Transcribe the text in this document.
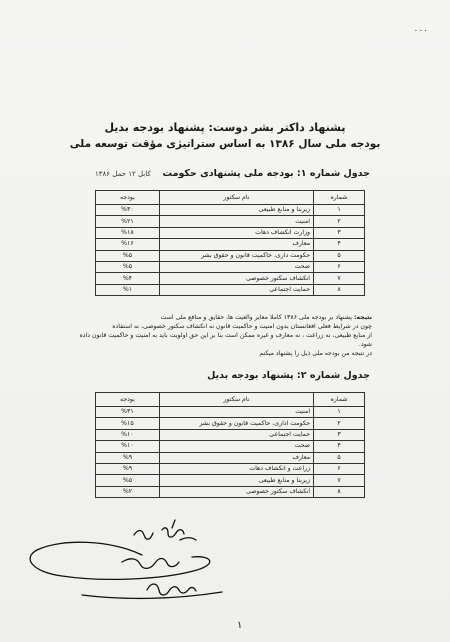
٠٠٠
پشنهاد داکتر بشر دوست: پشنهاد بودجه بدیل
بودجه ملی سال ۱۳۸۶ به اساس ستراتیژی مؤقت توسعه ملی
جدول شماره ۱: بودجه ملی پشنهادی حکومت
کابل ۱۲ حمل ۱۳۸۶
شماره	نام سکتور	بودجه
۱	زیربنا و منابع طبیعی	%۳۰
۲	امنیت	%۲۱
۳	وزارت انکشاف دهات	%۱۸
۴	معارف	%۱۶
۵	حکومت داری، حاکمیت قانون و حقوق بشر	%۵
۶	صحت	%۵
۷	انکشاف سکتور خصوصی	%۴
۸	حمایت اجتماعی	%۱
نتیجه: پشنهاد بر بودجه ملی ۱۳۸۶ کاملا معایر والعیت ها، حقایق و منافع ملی است
چون در شرایط فعلی افغانستان بدون امنیت و حاکمیت قانون نه انکشاف سکتور خصوصی، نه استفاده
از منابع طبیعی، نه زراعت ، نه معارف و غیره ممکن است بنا بر این حق اولویت باید به امنیت و حاکمیت قانون داده شود.
در نتیجه من بودجه ملی ذیل را پشنهاد میکنم
جدول شماره ۲: پشنهاد بودجه بدیل
شماره	نام سکتور	بودجه
۱	امنیت	%۳۱
۲	حکومت اداری، حاکمیت قانون و حقوق بشر	%۱۵
۳	حمایت اجتماعی	%۱۰
۴	صحت	%۱۰
۵	معارف	%۹
۶	زراعت و انکشاف دهات	%۹
۷	زیربنا و منابع طبیعی	%۵
۸	انکشاف سکتور خصوصی	%۲
۱
